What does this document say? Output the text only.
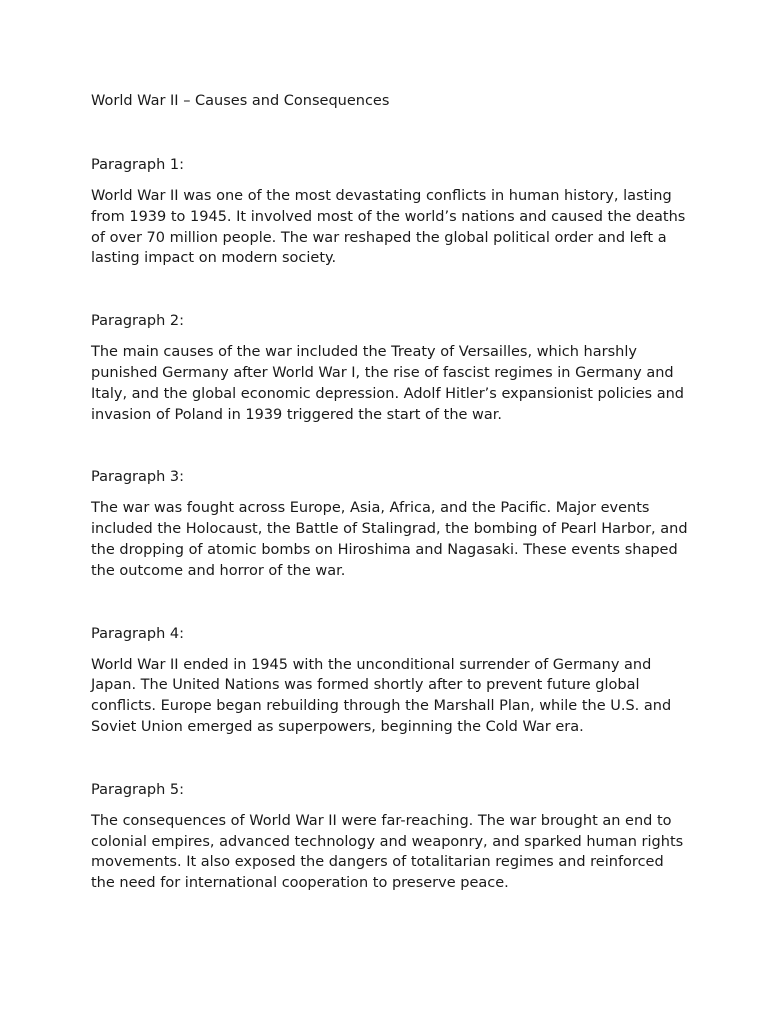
World War II – Causes and Consequences
Paragraph 1:

World War II was one of the most devastating conflicts in human history, lasting from 1939 to 1945. It involved most of the world’s nations and caused the deaths of over 70 million people. The war reshaped the global political order and left a lasting impact on modern society.

Paragraph 2:

The main causes of the war included the Treaty of Versailles, which harshly punished Germany after World War I, the rise of fascist regimes in Germany and Italy, and the global economic depression. Adolf Hitler’s expansionist policies and invasion of Poland in 1939 triggered the start of the war.

Paragraph 3:

The war was fought across Europe, Asia, Africa, and the Pacific. Major events included the Holocaust, the Battle of Stalingrad, the bombing of Pearl Harbor, and the dropping of atomic bombs on Hiroshima and Nagasaki. These events shaped the outcome and horror of the war.

Paragraph 4:

World War II ended in 1945 with the unconditional surrender of Germany and Japan. The United Nations was formed shortly after to prevent future global conflicts. Europe began rebuilding through the Marshall Plan, while the U.S. and Soviet Union emerged as superpowers, beginning the Cold War era.

Paragraph 5:

The consequences of World War II were far-reaching. The war brought an end to colonial empires, advanced technology and weaponry, and sparked human rights movements. It also exposed the dangers of totalitarian regimes and reinforced the need for international cooperation to preserve peace.
